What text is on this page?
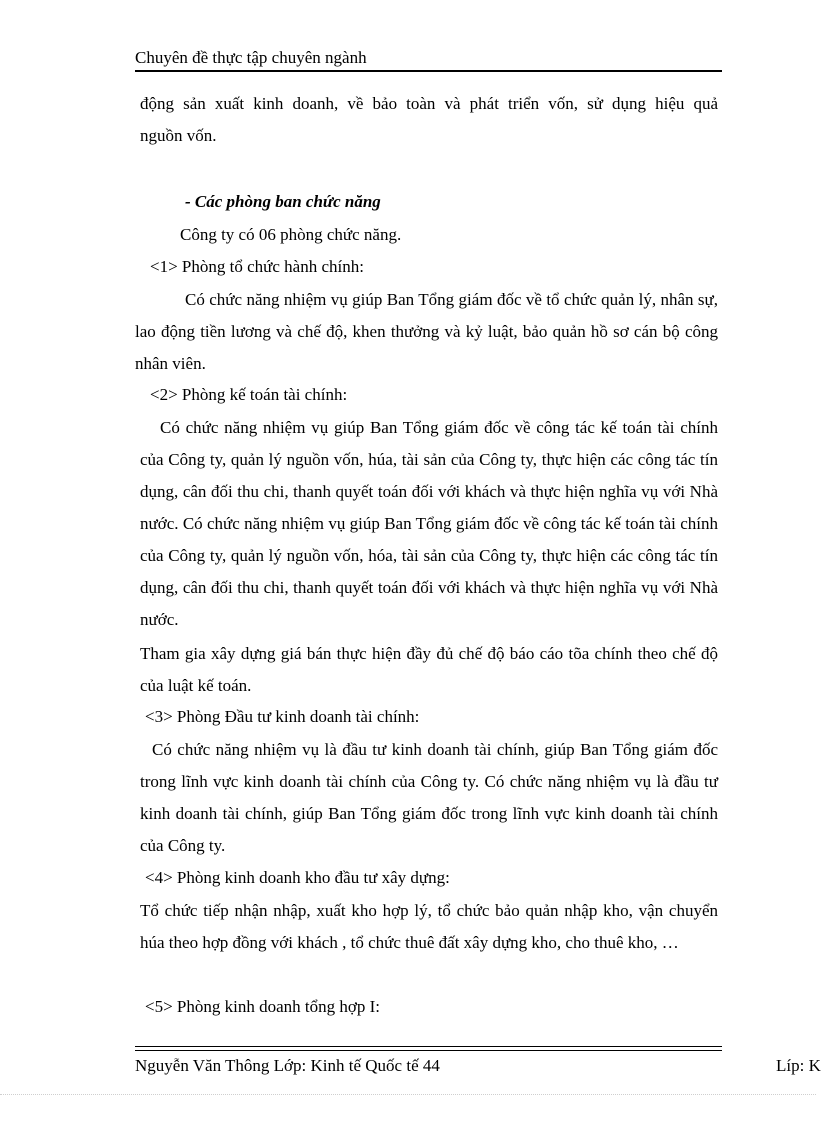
Chuyên đề thực tập chuyên ngành
động sản xuất kinh doanh, về bảo toàn và phát triển vốn, sử dụng hiệu quả
nguồn vốn.
- Các phòng ban chức năng
Công ty có 06 phòng chức năng.
<1> Phòng tổ chức hành chính:
Có chức năng nhiệm vụ giúp Ban Tổng giám đốc về tổ chức quản lý, nhân sự, lao động tiền lương và chế độ, khen thưởng và kỷ luật, bảo quản hồ sơ cán bộ công nhân viên.
<2> Phòng kế toán tài chính:
Có chức năng nhiệm vụ giúp Ban Tổng giám đốc về công tác kế toán tài chính của Công ty, quản lý nguồn vốn, húa, tài sản của Công ty, thực hiện các công tác tín dụng, cân đối thu chi, thanh quyết toán đối với khách và thực hiện nghĩa vụ với Nhà nước. Có chức năng nhiệm vụ giúp Ban Tổng giám đốc về công tác kế toán tài chính của Công ty, quản lý nguồn vốn, hóa, tài sản của Công ty, thực hiện các công tác tín dụng, cân đối thu chi, thanh quyết toán đối với khách và thực hiện nghĩa vụ với Nhà nước.
Tham gia xây dựng giá bán thực hiện đầy đủ chế độ báo cáo tõa chính theo chế độ của luật kế toán.
<3> Phòng Đầu tư kinh doanh tài chính:
Có chức năng nhiệm vụ là đầu tư kinh doanh tài chính, giúp Ban Tổng giám đốc trong lĩnh vực kinh doanh tài chính của Công ty. Có chức năng nhiệm vụ là đầu tư kinh doanh tài chính, giúp Ban Tổng giám đốc trong lĩnh vực kinh doanh tài chính của Công ty.
<4> Phòng kinh doanh kho đầu tư xây dựng:
Tổ chức tiếp nhận nhập, xuất kho hợp lý, tổ chức bảo quản nhập kho, vận chuyển húa theo hợp đồng với khách , tổ chức thuê đất xây dựng kho, cho thuê kho, …
<5> Phòng kinh doanh tổng hợp I:
Nguyễn Văn Thông Lớp: Kinh tế Quốc tế 44	Líp: K
